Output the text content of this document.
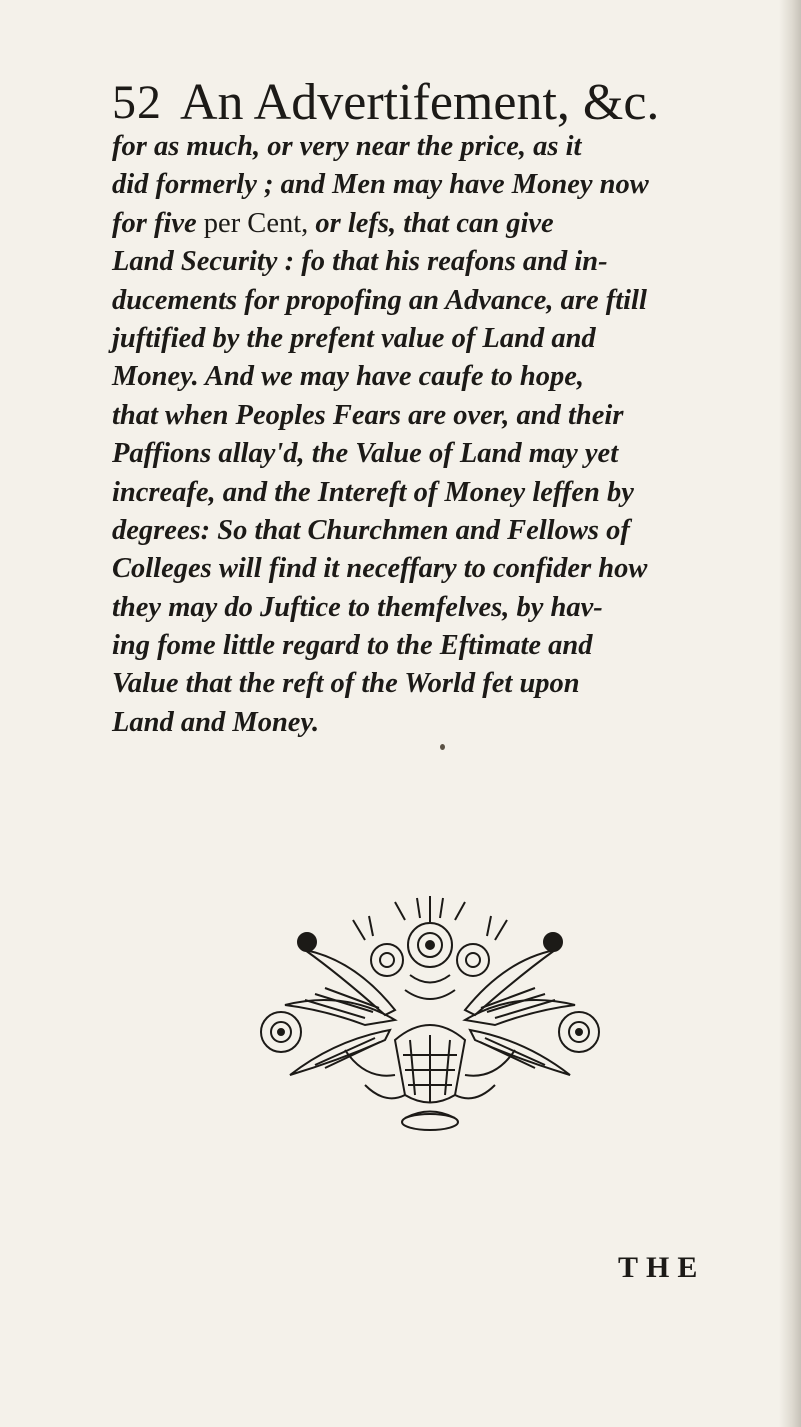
52 An Advertifement, &c.
for as much, or very near the price, as it
did formerly ; and Men may have Money now
for five per Cent, or lefs, that can give
Land Security : fo that his reafons and in-
ducements for propofing an Advance, are ftill
juftified by the prefent value of Land and
Money. And we may have caufe to hope,
that when Peoples Fears are over, and their
Paffions allay'd, the Value of Land may yet
increafe, and the Intereft of Money leffen by
degrees: So that Churchmen and Fellows of
Colleges will find it neceffary to confider how
they may do Juftice to themfelves, by hav-
ing fome little regard to the Eftimate and
Value that the reft of the World fet upon
Land and Money.
THE
